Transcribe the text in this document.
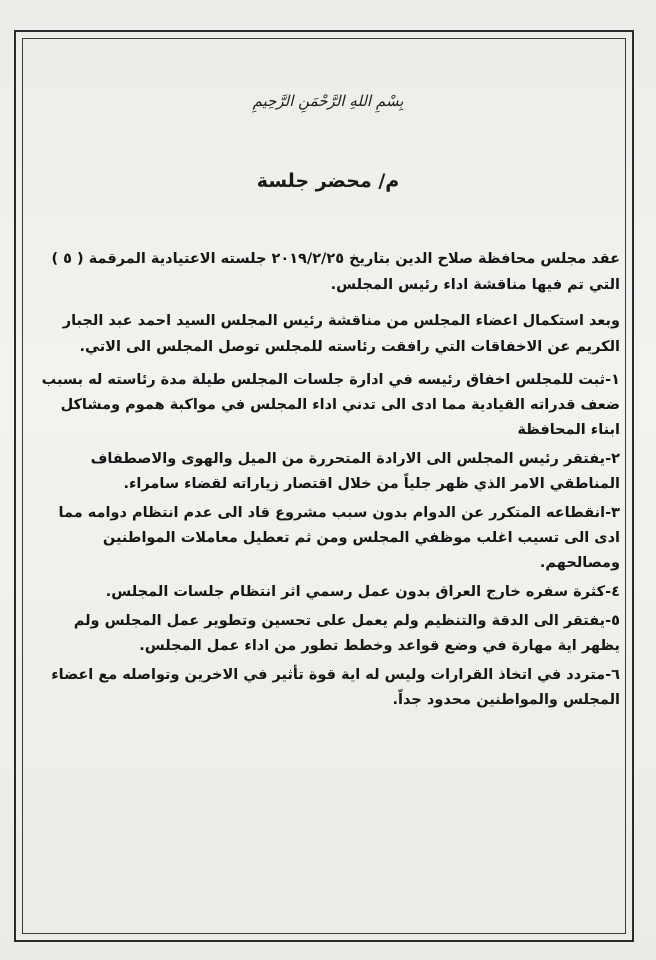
بِسْمِ اللهِ الرَّحْمَنِ الرَّحِيمِ
م/ محضر جلسة
عقد مجلس محافظة صلاح الدين بتاريخ ٢٠١٩/٢/٢٥ جلسته الاعتيادية المرقمة ( ٥ ) التي تم فيها مناقشة اداء رئيس المجلس.
وبعد استكمال اعضاء المجلس من مناقشة رئيس المجلس السيد احمد عبد الجبار الكريم عن الاخفاقات التي رافقت رئاسته للمجلس توصل المجلس الى الاتي.
١-ثبت للمجلس اخفاق رئيسه في ادارة جلسات المجلس طيلة مدة رئاسته له بسبب ضعف قدراته القيادية مما ادى الى تدني اداء المجلس في مواكبة هموم ومشاكل ابناء المحافظة
٢-يفتقر رئيس المجلس الى الارادة المتحررة من الميل والهوى والاصطفاف المناطقي الامر الذي ظهر جلياً من خلال اقتصار زياراته لقضاء سامراء.
٣-انقطاعه المتكرر عن الدوام بدون سبب مشروع قاد الى عدم انتظام دوامه مما ادى الى تسيب اغلب موظفي المجلس ومن ثم تعطيل معاملات المواطنين ومصالحهم.
٤-كثرة سفره خارج العراق بدون عمل رسمي اثر انتظام جلسات المجلس.
٥-يفتقر الى الدقة والتنظيم ولم يعمل على تحسين وتطوير عمل المجلس ولم يظهر اية مهارة في وضع قواعد وخطط تطور من اداء عمل المجلس.
٦-متردد في اتخاذ القرارات وليس له اية قوة تأثير في الاخرين وتواصله مع اعضاء المجلس والمواطنين محدود جداً.
